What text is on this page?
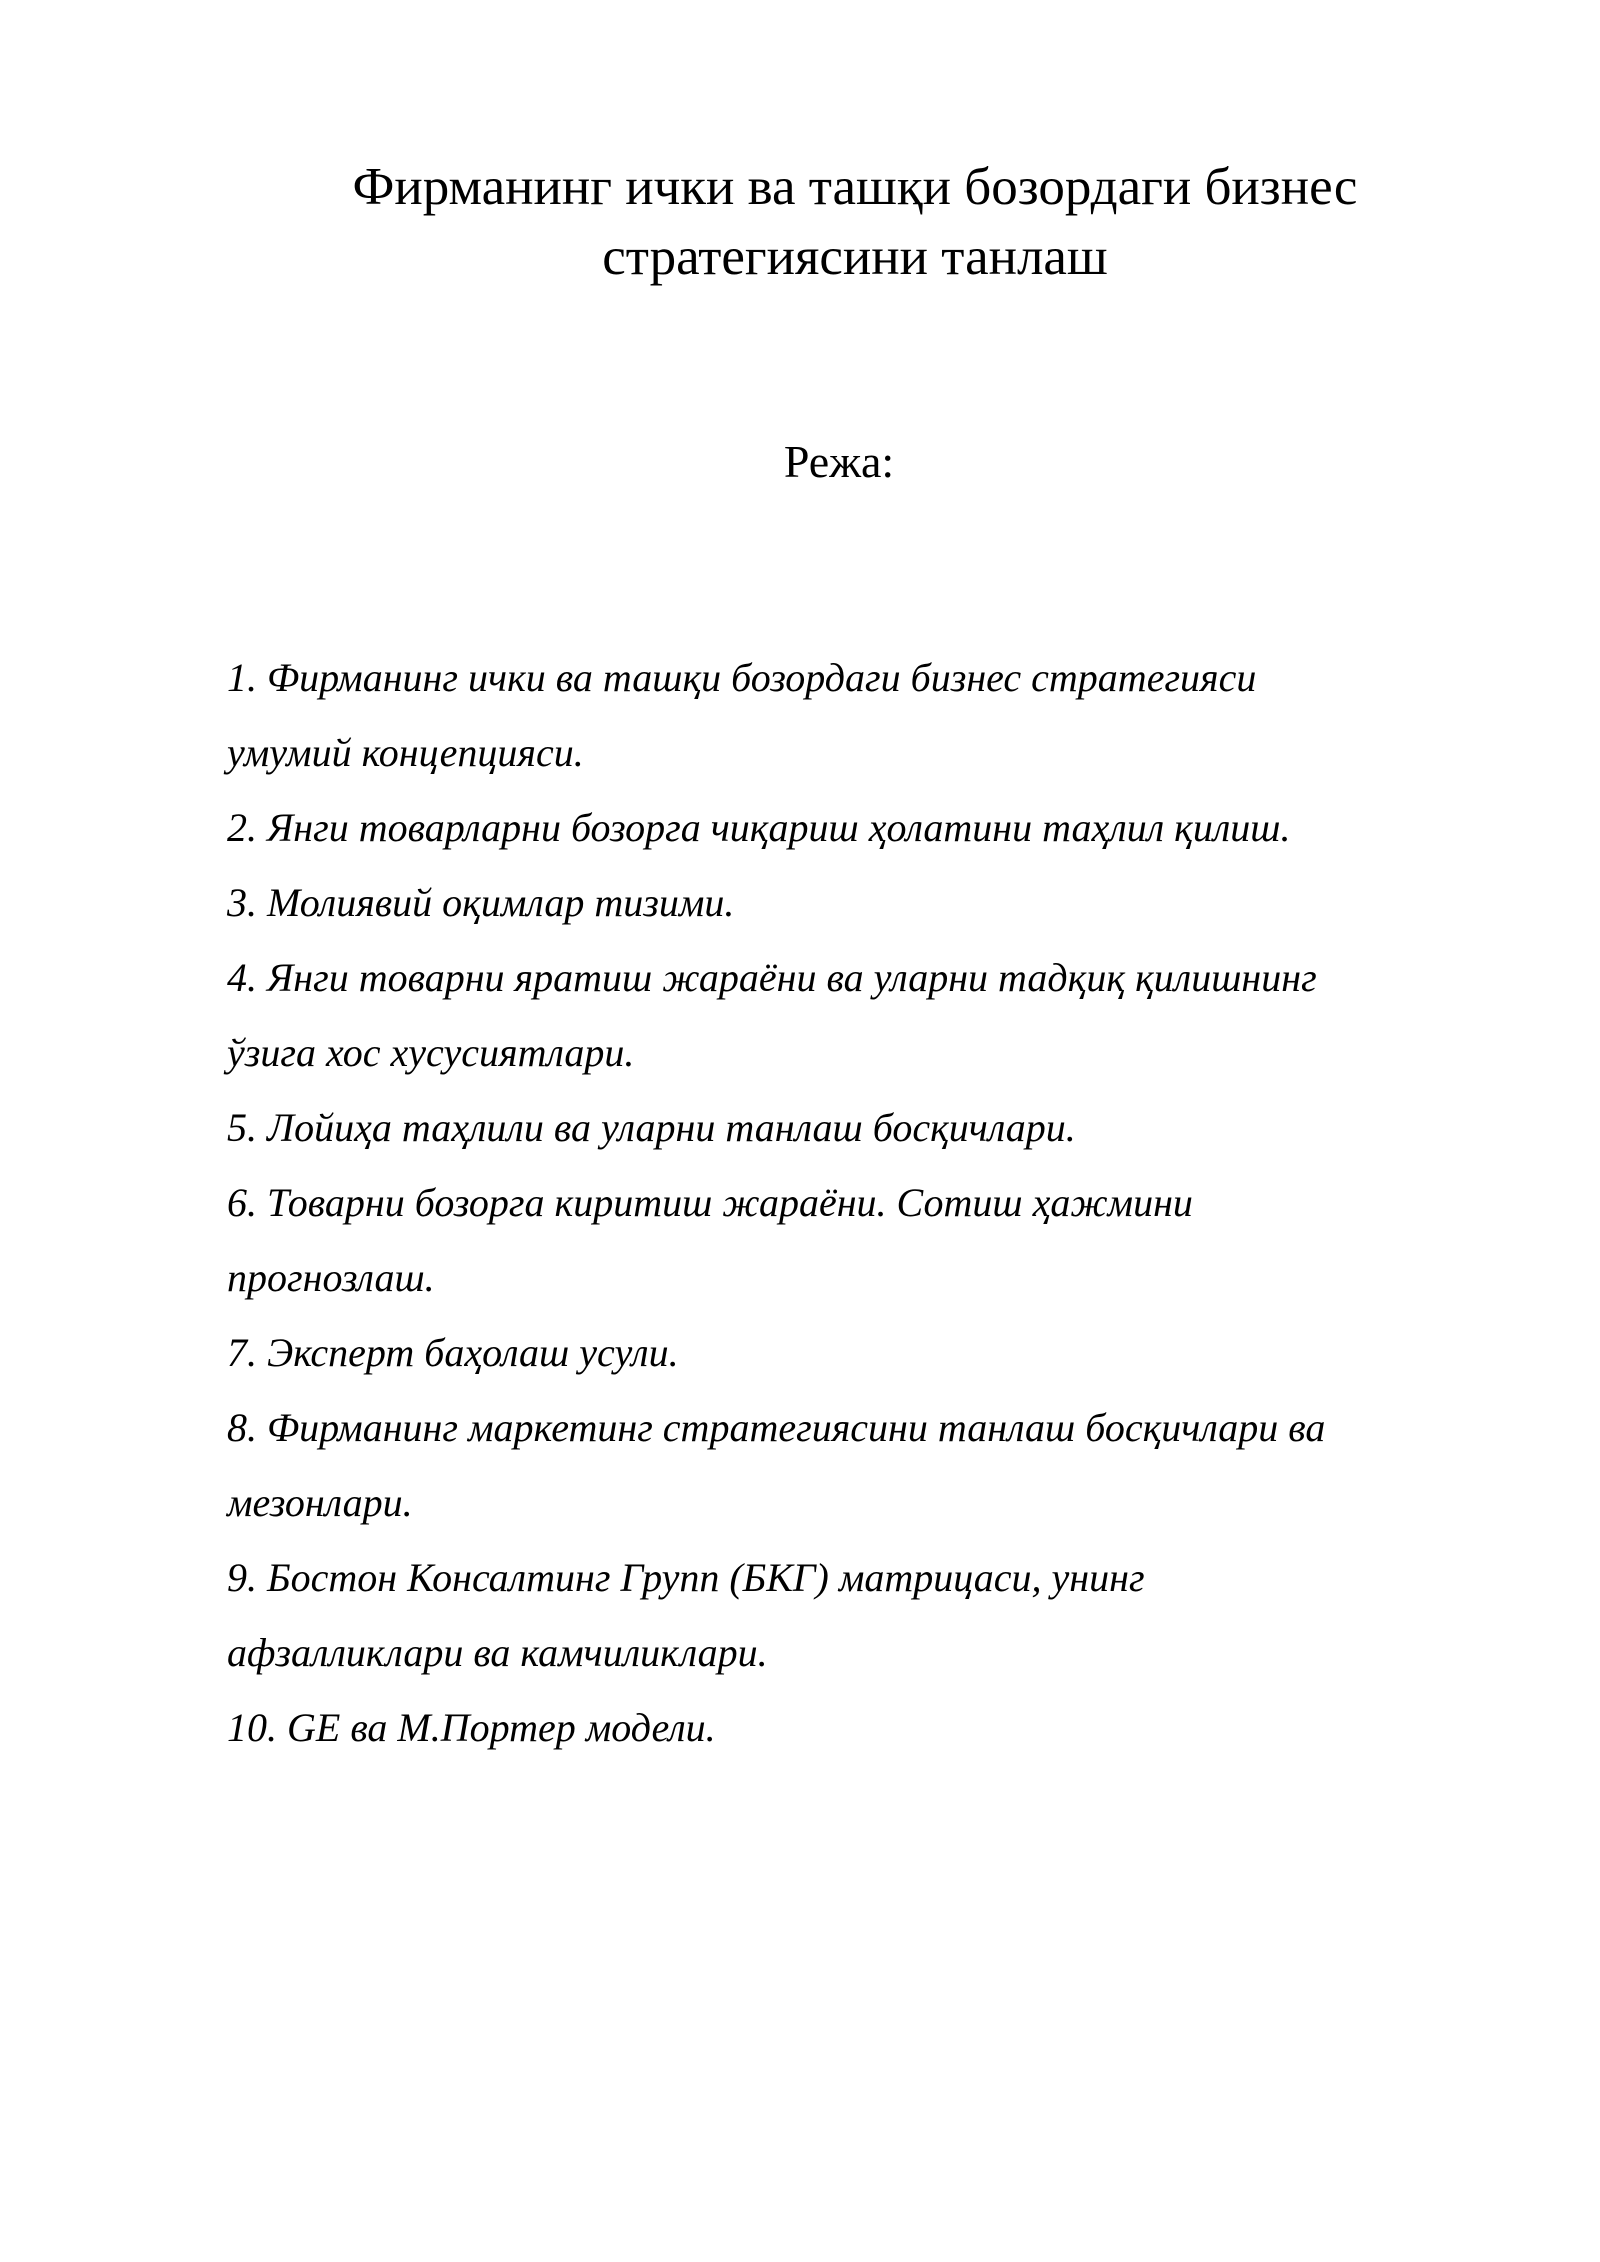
Фирманинг ички ва ташқи бозордаги бизнес
стратегиясини танлаш

Режа:

1. Фирманинг ички ва ташқи бозордаги бизнес стратегияси
умумий концепцияси.
2. Янги товарларни бозорга чиқариш ҳолатини таҳлил қилиш.
3. Молиявий оқимлар тизими.
4. Янги товарни яратиш жараёни ва уларни тадқиқ қилишнинг
ўзига хос хусусиятлари.
5. Лойиҳа таҳлили ва уларни танлаш босқичлари.
6. Товарни бозорга киритиш жараёни. Сотиш ҳажмини
прогнозлаш.
7. Эксперт баҳолаш усули.
8. Фирманинг маркетинг стратегиясини танлаш босқичлари ва
мезонлари.
9. Бостон Консалтинг Групп (БКГ) матрицаси, унинг
афзалликлари ва камчиликлари.
10. GE ва М.Портер модели.
